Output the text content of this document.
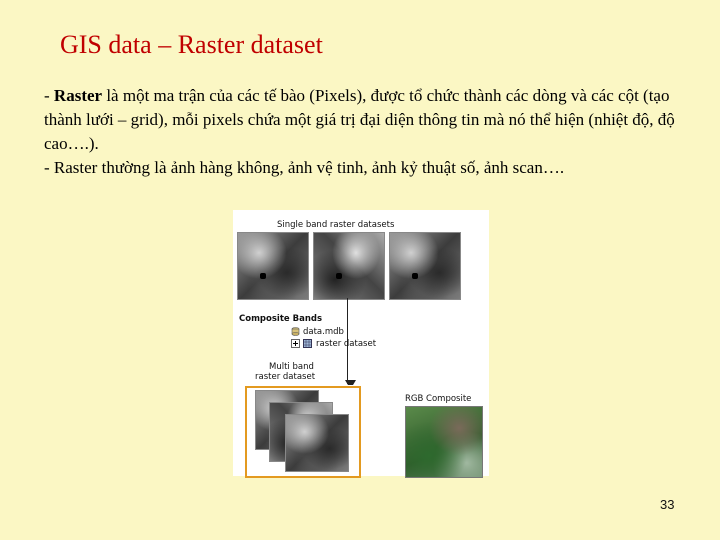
GIS data – Raster dataset
- Raster là một ma trận của các tế bào (Pixels), được tổ chức thành các dòng và các cột (tạo thành lưới – grid), mỗi pixels chứa một giá trị đại diện thông tin mà nó thể hiện (nhiệt độ, độ cao….).
- Raster thường là ảnh hàng không, ảnh vệ tinh, ảnh kỷ thuật số, ảnh scan….
Single band raster datasets
Composite Bands
data.mdb
raster dataset
Multi band
raster dataset
RGB Composite
33
